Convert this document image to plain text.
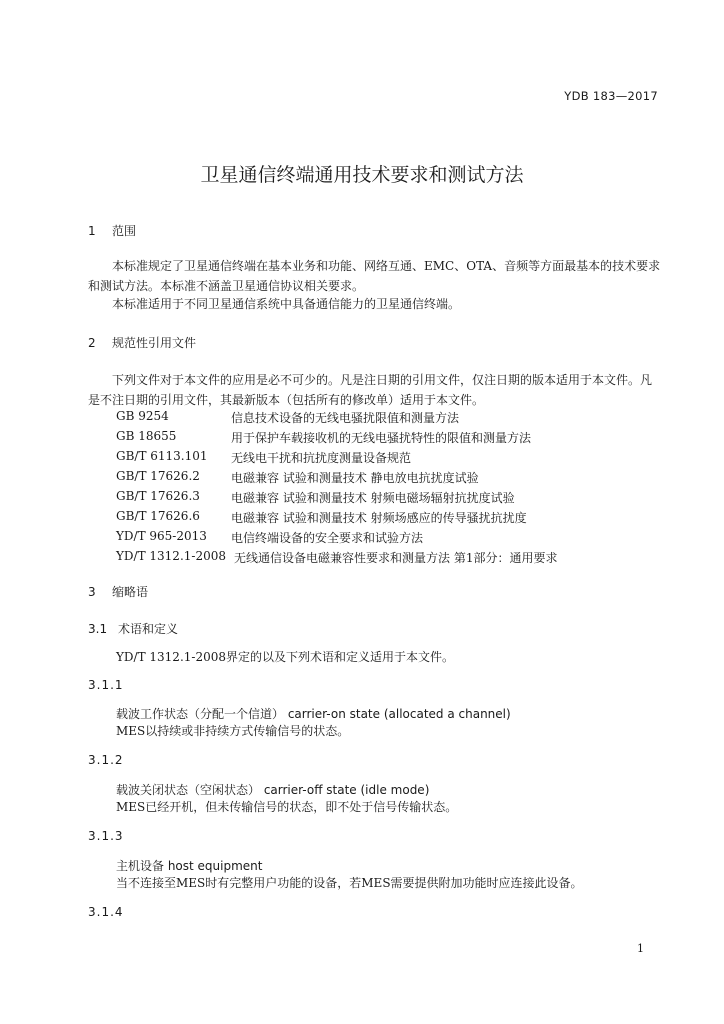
YDB 183—2017
卫星通信终端通用技术要求和测试方法
1 范围
本标准规定了卫星通信终端在基本业务和功能、网络互通、EMC、OTA、音频等方面最基本的技术要求和测试方法。本标准不涵盖卫星通信协议相关要求。
本标准适用于不同卫星通信系统中具备通信能力的卫星通信终端。
2 规范性引用文件
下列文件对于本文件的应用是必不可少的。凡是注日期的引用文件，仅注日期的版本适用于本文件。凡是不注日期的引用文件，其最新版本（包括所有的修改单）适用于本文件。
GB 9254	信息技术设备的无线电骚扰限值和测量方法
GB 18655	用于保护车载接收机的无线电骚扰特性的限值和测量方法
GB/T 6113.101 无线电干扰和抗扰度测量设备规范
GB/T 17626.2	电磁兼容 试验和测量技术 静电放电抗扰度试验
GB/T 17626.3	电磁兼容 试验和测量技术 射频电磁场辐射抗扰度试验
GB/T 17626.6	电磁兼容 试验和测量技术 射频场感应的传导骚扰抗扰度
YD/T 965-2013 电信终端设备的安全要求和试验方法
YD/T 1312.1-2008 无线通信设备电磁兼容性要求和测量方法 第1部分：通用要求
3 缩略语
3.1 术语和定义
YD/T 1312.1-2008界定的以及下列术语和定义适用于本文件。
3.1.1
载波工作状态（分配一个信道） carrier-on state (allocated a channel)
MES以持续或非持续方式传输信号的状态。
3.1.2
载波关闭状态（空闲状态） carrier-off state (idle mode)
MES已经开机，但未传输信号的状态，即不处于信号传输状态。
3.1.3
主机设备 host equipment
当不连接至MES时有完整用户功能的设备，若MES需要提供附加功能时应连接此设备。
3.1.4
1
